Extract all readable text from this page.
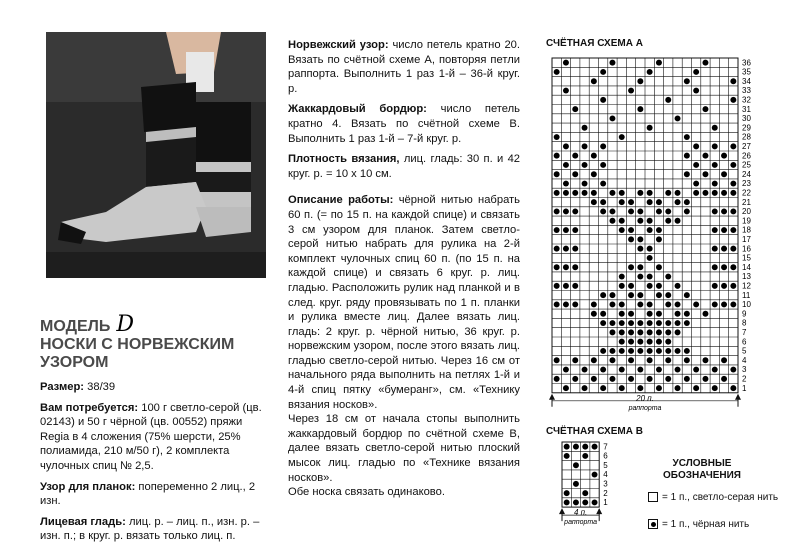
МОДЕЛЬ D
НОСКИ С НОРВЕЖСКИМ УЗОРОМ

Размер: 38/39

Вам потребуется: 100 г светло-серой (цв. 02143) и 50 г чёрной (цв. 00552) пряжи Regia в 4 сложения (75% шерсти, 25% полиамида, 210 м/50 г), 2 комплекта чулочных спиц № 2,5.

Узор для планок: попеременно 2 лиц., 2 изн.

Лицевая гладь: лиц. р. – лиц. п., изн. р. – изн. п.; в круг. р. вязать только лиц. п.

Норвежский узор: число петель кратно 20. Вязать по счётной схеме А, повторяя петли раппорта. Выполнить 1 раз 1-й – 36-й круг. р.

Жаккардовый бордюр: число петель кратно 4. Вязать по счётной схеме В. Выполнить 1 раз 1-й – 7-й круг. р.

Плотность вязания, лиц. гладь: 30 п. и 42 круг. р. = 10 х 10 см.

Описание работы: чёрной нитью набрать 60 п. (= по 15 п. на каждой спице) и связать 3 см узором для планок. Затем светло-серой нитью набрать для рулика на 2-й комплект чулочных спиц 60 п. (по 15 п. на каждой спице) и связать 6 круг. р. лиц. гладью. Расположить рулик над планкой и в след. круг. ряду провязывать по 1 п. планки и рулика вместе лиц. Далее вязать лиц. гладь: 2 круг. р. чёрной нитью, 36 круг. р. норвежским узором, после этого вязать лиц. гладью светло-серой нитью. Через 16 см от начального ряда выполнить на петлях 1-й и 4-й спиц пятку «бумеранг», см. «Технику вязания носков».

Через 18 см от начала стопы выполнить жаккардовый бордюр по счётной схеме В, далее вязать светло-серой нитью плоский мысок лиц. гладью по «Технике вязания носков».

Обе носка связать одинаково.

СЧЁТНАЯ СХЕМА А
36
35
34
33
32
31
30
29
28
27
26
25
24
23
22
21
20
19
18
17
16
15
14
13
12
11
10
9
8
7
6
5
4
3
2
1
20 п.
раппорта
СЧЁТНАЯ СХЕМА В
7
6
5
4
3
2
1
4 п.
раппорта
УСЛОВНЫЕ ОБОЗНАЧЕНИЯ
= 1 п., светло-серая нить
= 1 п., чёрная нить
